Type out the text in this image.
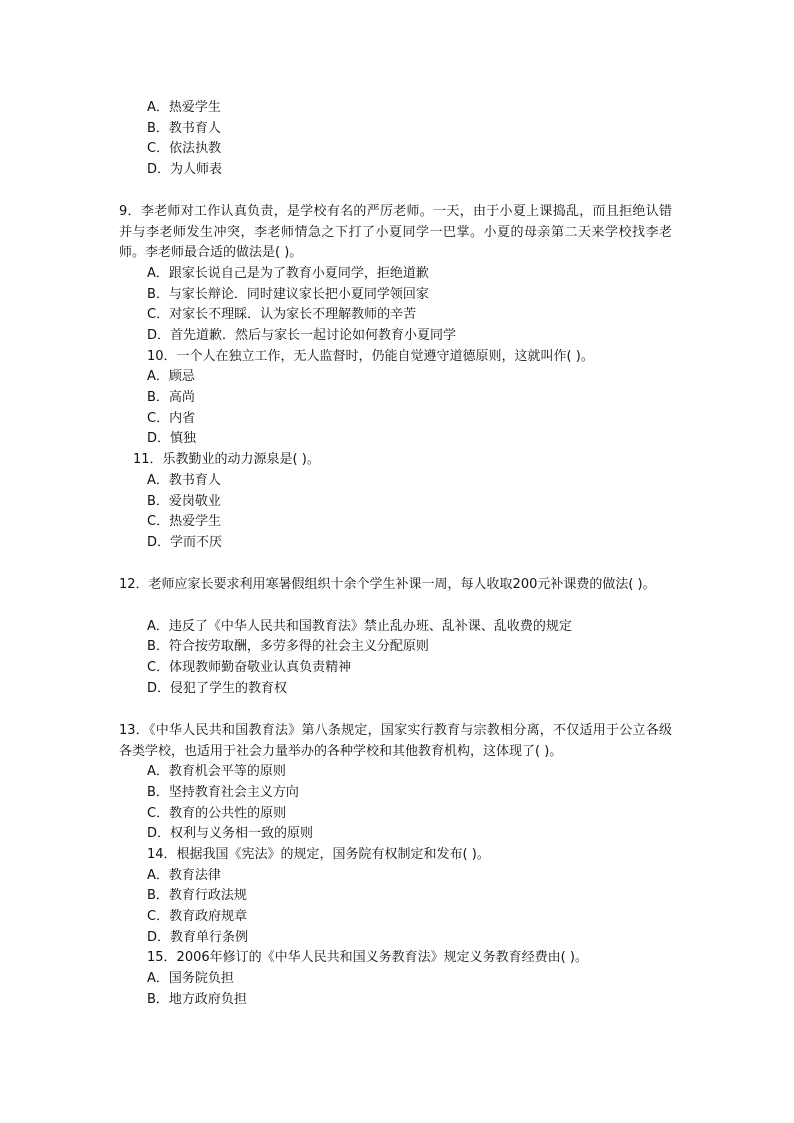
A．热爱学生
B．教书育人
C．依法执教
D．为人师表

9．李老师对工作认真负责，是学校有名的严厉老师。一天，由于小夏上课捣乱，而且拒绝认错并与李老师发生冲突，李老师情急之下打了小夏同学一巴掌。小夏的母亲第二天来学校找李老师。李老师最合适的做法是( )。

A．跟家长说自己是为了教育小夏同学，拒绝道歉
B．与家长辩论．同时建议家长把小夏同学领回家
C．对家长不理睬．认为家长不理解教师的辛苦
D．首先道歉．然后与家长一起讨论如何教育小夏同学
10．一个人在独立工作，无人监督时，仍能自觉遵守道德原则，这就叫作( )。
A．顾忌
B．高尚
C．内省
D．慎独
11．乐教勤业的动力源泉是( )。
A．教书育人
B．爱岗敬业
C．热爱学生
D．学而不厌

12．老师应家长要求利用寒暑假组织十余个学生补课一周，每人收取200元补课费的做法( )。

A．违反了《中华人民共和国教育法》禁止乱办班、乱补课、乱收费的规定
B．符合按劳取酬，多劳多得的社会主义分配原则
C．体现教师勤奋敬业认真负责精神
D．侵犯了学生的教育权

13．《中华人民共和国教育法》第八条规定，国家实行教育与宗教相分离，不仅适用于公立各级各类学校，也适用于社会力量举办的各种学校和其他教育机构，这体现了( )。

A．教育机会平等的原则
B．坚持教育社会主义方向
C．教育的公共性的原则
D．权利与义务相一致的原则
14．根据我国《宪法》的规定，国务院有权制定和发布( )。
A．教育法律
B．教育行政法规
C．教育政府规章
D．教育单行条例
15．2006年修订的《中华人民共和国义务教育法》规定义务教育经费由( )。
A．国务院负担
B．地方政府负担
